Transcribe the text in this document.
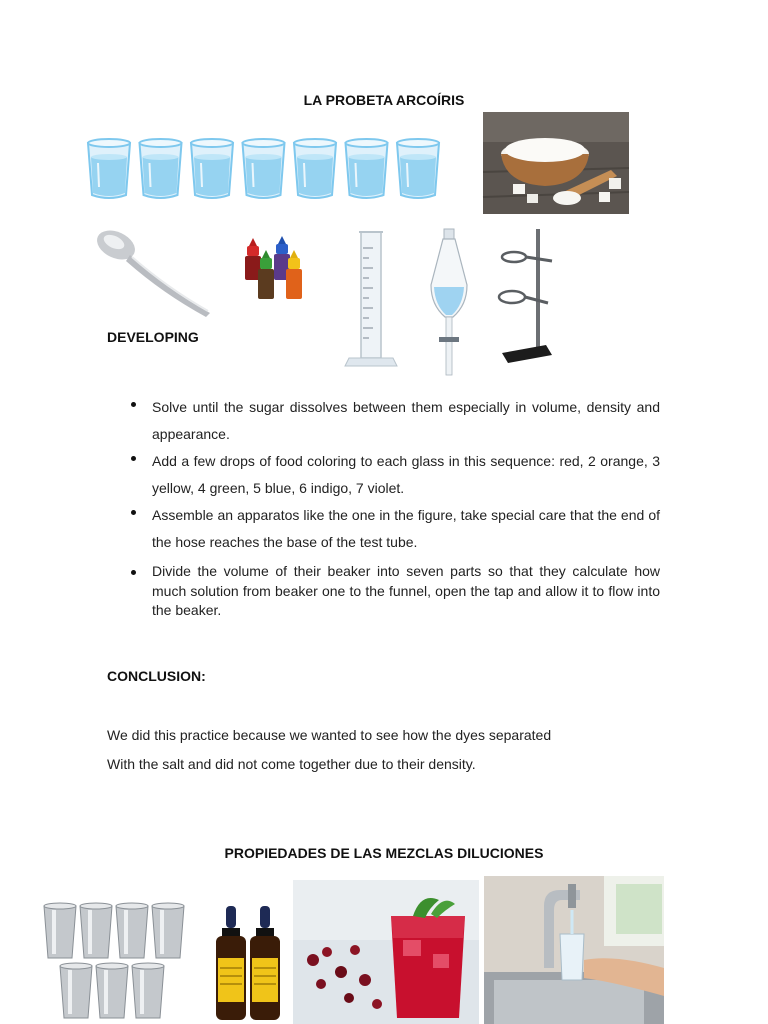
LA PROBETA ARCOÍRIS
DEVELOPING
Solve until the sugar dissolves between them especially in volume, density and appearance.
Add a few drops of food coloring to each glass in this sequence: red, 2 orange, 3 yellow, 4 green, 5 blue, 6 indigo, 7 violet.
Assemble an apparatos like the one in the figure, take special care that the end of the hose reaches the base of the test tube.
Divide the volume of their beaker into seven parts so that they calculate how much solution from beaker one to the funnel, open the tap and allow it to flow into the beaker.
CONCLUSION:
We did this practice because we wanted to see how the dyes separated
With the salt and did not come together due to their density.
PROPIEDADES DE LAS MEZCLAS DILUCIONES
